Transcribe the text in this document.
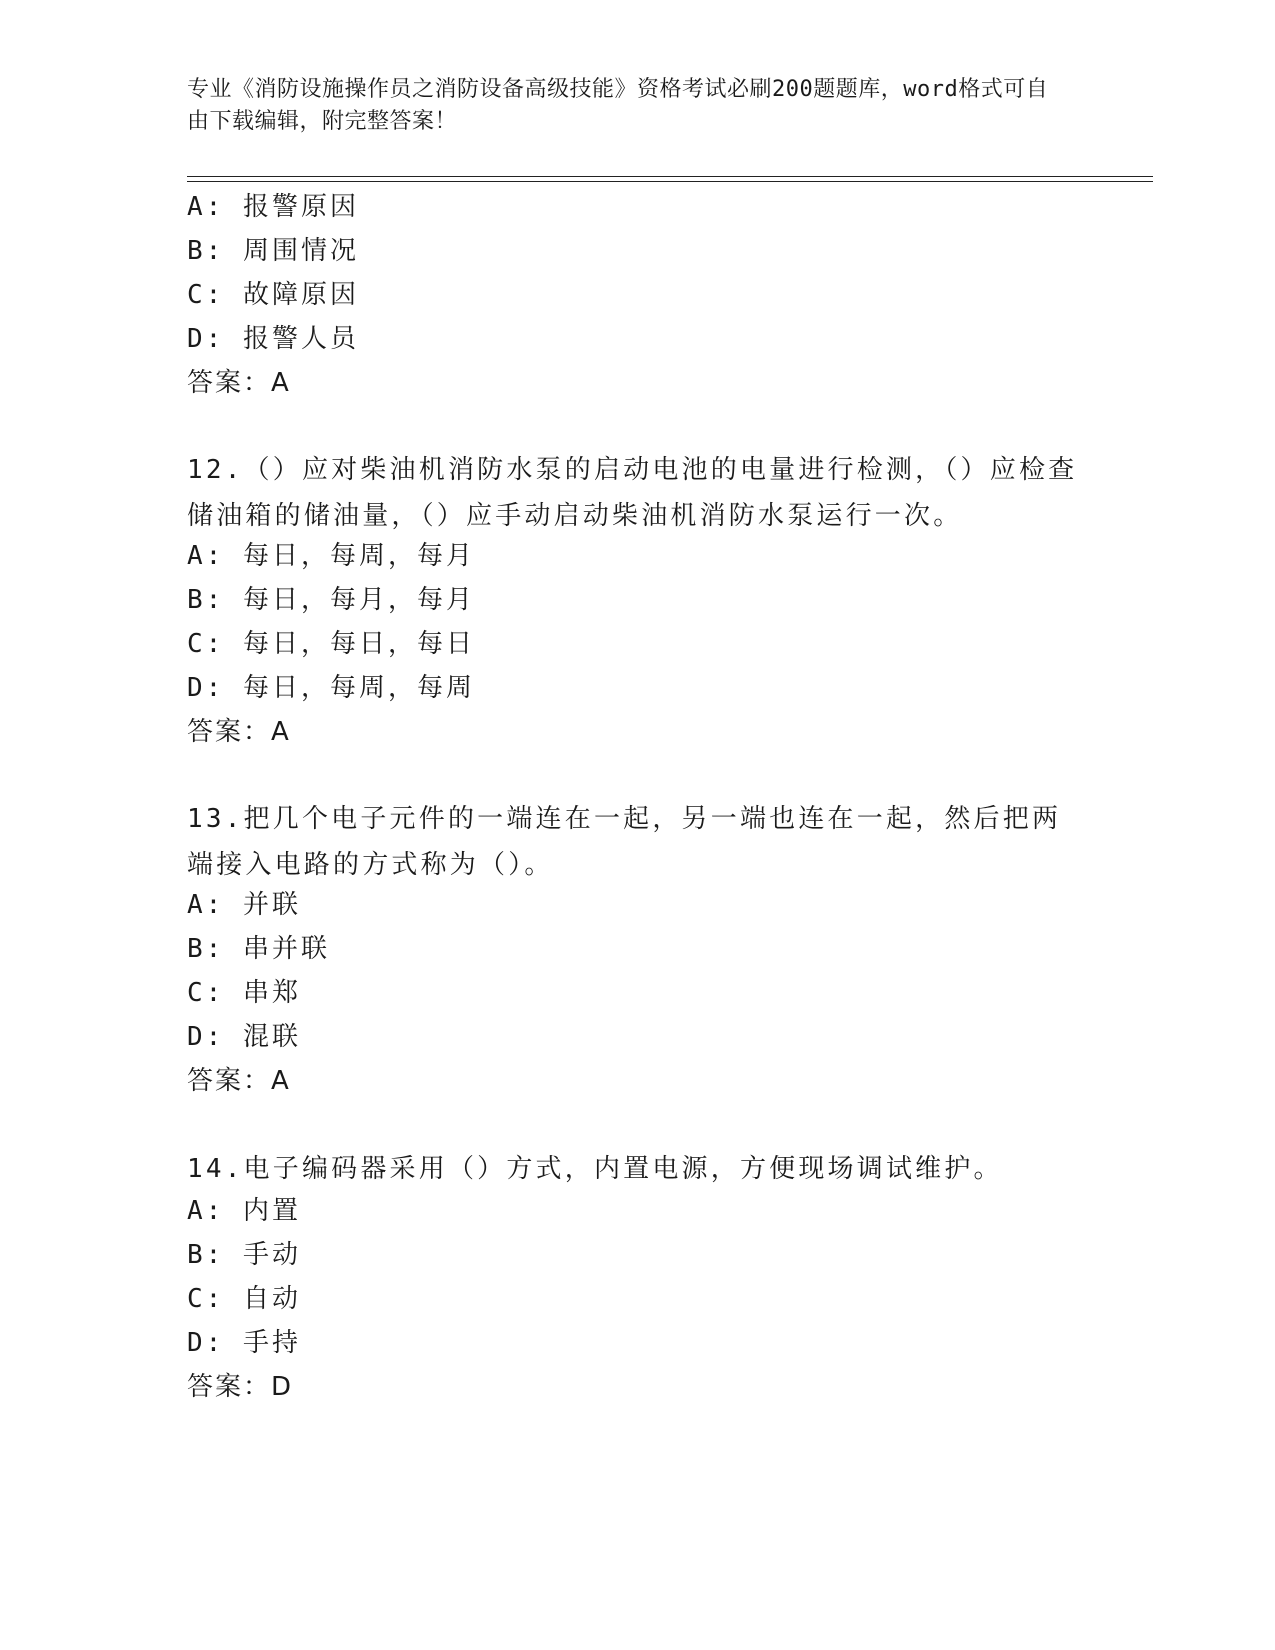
专业《消防设施操作员之消防设备高级技能》资格考试必刷200题题库，word格式可自由下载编辑，附完整答案！
A: 报警原因
B: 周围情况
C: 故障原因
D: 报警人员
答案：A
12.（）应对柴油机消防水泵的启动电池的电量进行检测，（）应检查储油箱的储油量，（）应手动启动柴油机消防水泵运行一次。
A: 每日，每周，每月
B: 每日，每月，每月
C: 每日，每日，每日
D: 每日，每周，每周
答案：A
13.把几个电子元件的一端连在一起，另一端也连在一起，然后把两端接入电路的方式称为（）。
A: 并联
B: 串并联
C: 串郑
D: 混联
答案：A
14.电子编码器采用（）方式，内置电源，方便现场调试维护。
A: 内置
B: 手动
C: 自动
D: 手持
答案：D
